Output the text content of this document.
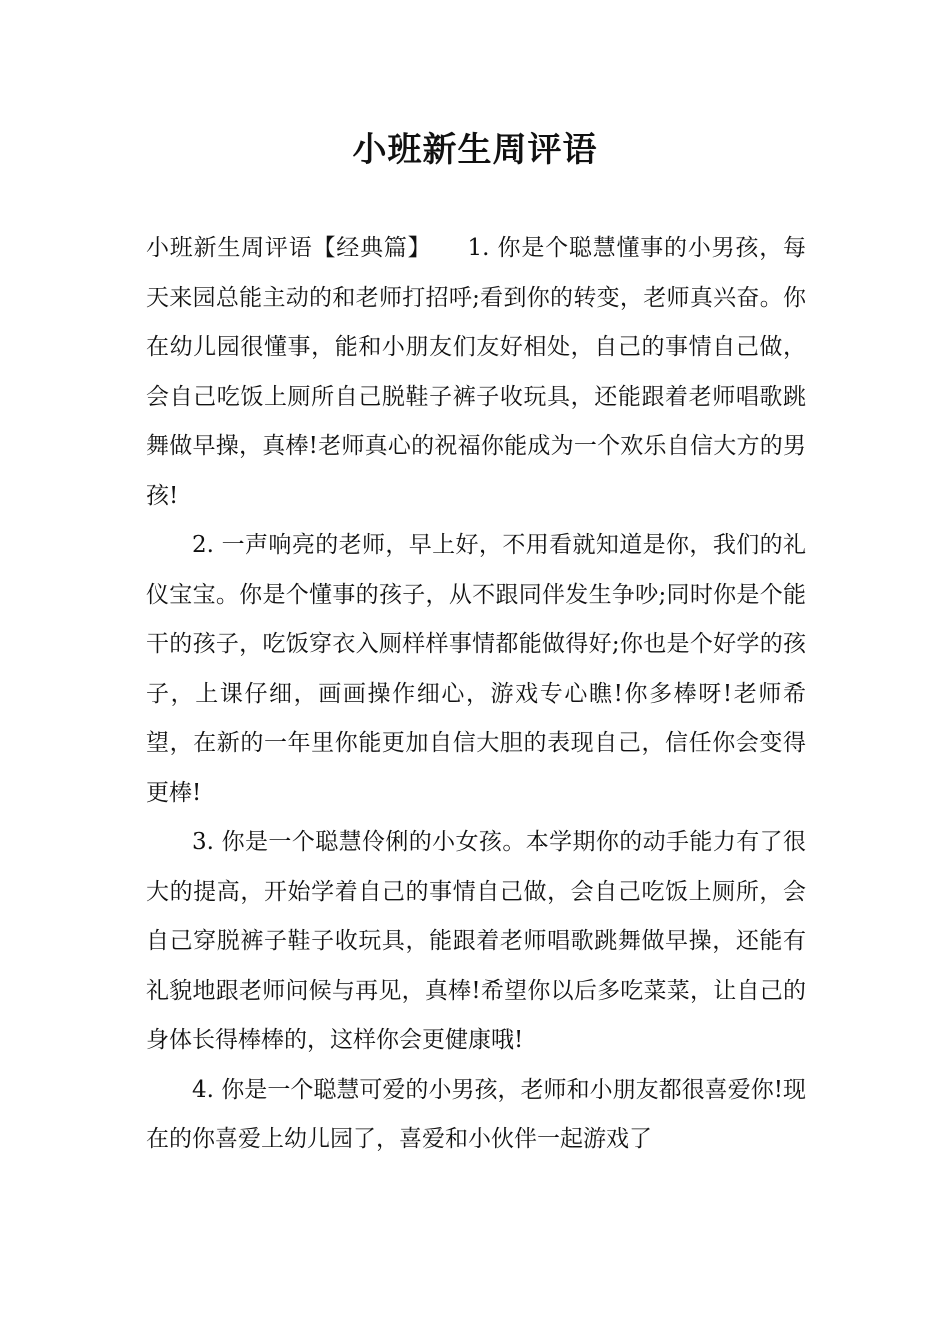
小班新生周评语

小班新生周评语【经典篇】　　1. 你是个聪慧懂事的小男孩，每天来园总能主动的和老师打招呼;看到你的转变，老师真兴奋。你在幼儿园很懂事，能和小朋友们友好相处，自己的事情自己做，会自己吃饭上厕所自己脱鞋子裤子收玩具，还能跟着老师唱歌跳舞做早操，真棒!老师真心的祝福你能成为一个欢乐自信大方的男孩!

2. 一声响亮的老师，早上好，不用看就知道是你，我们的礼仪宝宝。你是个懂事的孩子，从不跟同伴发生争吵;同时你是个能干的孩子，吃饭穿衣入厕样样事情都能做得好;你也是个好学的孩子，上课仔细，画画操作细心，游戏专心瞧!你多棒呀!老师希望，在新的一年里你能更加自信大胆的表现自己，信任你会变得更棒!

3. 你是一个聪慧伶俐的小女孩。本学期你的动手能力有了很大的提高，开始学着自己的事情自己做，会自己吃饭上厕所，会自己穿脱裤子鞋子收玩具，能跟着老师唱歌跳舞做早操，还能有礼貌地跟老师问候与再见，真棒!希望你以后多吃菜菜，让自己的身体长得棒棒的，这样你会更健康哦!

4. 你是一个聪慧可爱的小男孩，老师和小朋友都很喜爱你!现在的你喜爱上幼儿园了，喜爱和小伙伴一起游戏了
